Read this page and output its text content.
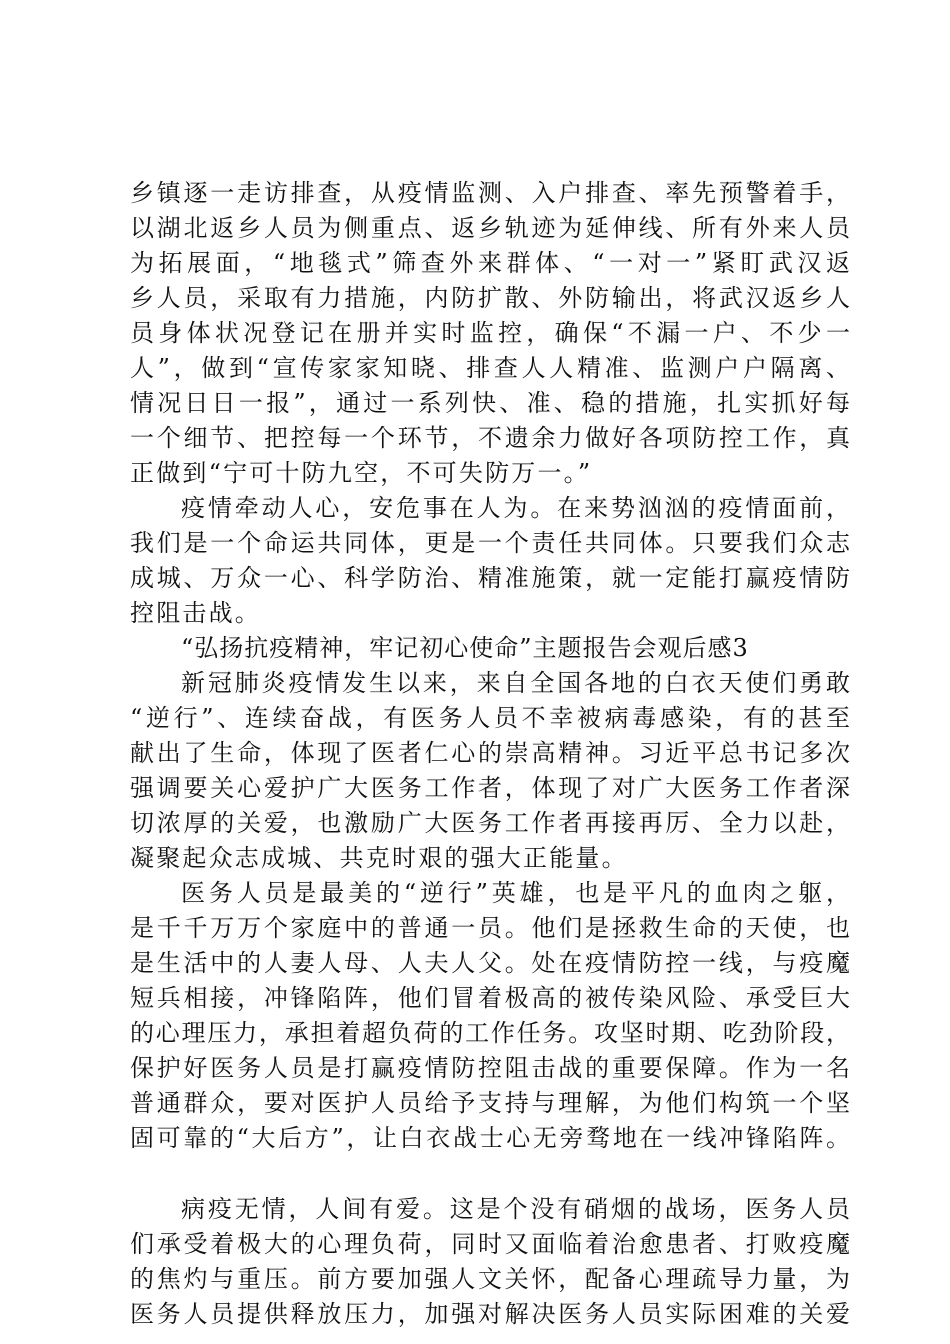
乡镇逐一走访排查，从疫情监测、入户排查、率先预警着手，
以湖北返乡人员为侧重点、返乡轨迹为延伸线、所有外来人员
为拓展面，“地毯式”筛查外来群体、“一对一”紧盯武汉返
乡人员，采取有力措施，内防扩散、外防输出，将武汉返乡人
员身体状况登记在册并实时监控，确保“不漏一户、不少一
人”，做到“宣传家家知晓、排查人人精准、监测户户隔离、
情况日日一报”，通过一系列快、准、稳的措施，扎实抓好每
一个细节、把控每一个环节，不遗余力做好各项防控工作，真
正做到“宁可十防九空，不可失防万一。”
疫情牵动人心，安危事在人为。在来势汹汹的疫情面前，
我们是一个命运共同体，更是一个责任共同体。只要我们众志
成城、万众一心、科学防治、精准施策，就一定能打赢疫情防
控阻击战。
“弘扬抗疫精神，牢记初心使命”主题报告会观后感3
新冠肺炎疫情发生以来，来自全国各地的白衣天使们勇敢
“逆行”、连续奋战，有医务人员不幸被病毒感染，有的甚至
献出了生命，体现了医者仁心的崇高精神。习近平总书记多次
强调要关心爱护广大医务工作者，体现了对广大医务工作者深
切浓厚的关爱，也激励广大医务工作者再接再厉、全力以赴，
凝聚起众志成城、共克时艰的强大正能量。
医务人员是最美的“逆行”英雄，也是平凡的血肉之躯，
是千千万万个家庭中的普通一员。他们是拯救生命的天使，也
是生活中的人妻人母、人夫人父。处在疫情防控一线，与疫魔
短兵相接，冲锋陷阵，他们冒着极高的被传染风险、承受巨大
的心理压力，承担着超负荷的工作任务。攻坚时期、吃劲阶段，
保护好医务人员是打赢疫情防控阻击战的重要保障。作为一名
普通群众，要对医护人员给予支持与理解，为他们构筑一个坚
固可靠的“大后方”，让白衣战士心无旁骛地在一线冲锋陷阵。
病疫无情，人间有爱。这是个没有硝烟的战场，医务人员
们承受着极大的心理负荷，同时又面临着治愈患者、打败疫魔
的焦灼与重压。前方要加强人文关怀，配备心理疏导力量，为
医务人员提供释放压力，加强对解决医务人员实际困难的关爱
